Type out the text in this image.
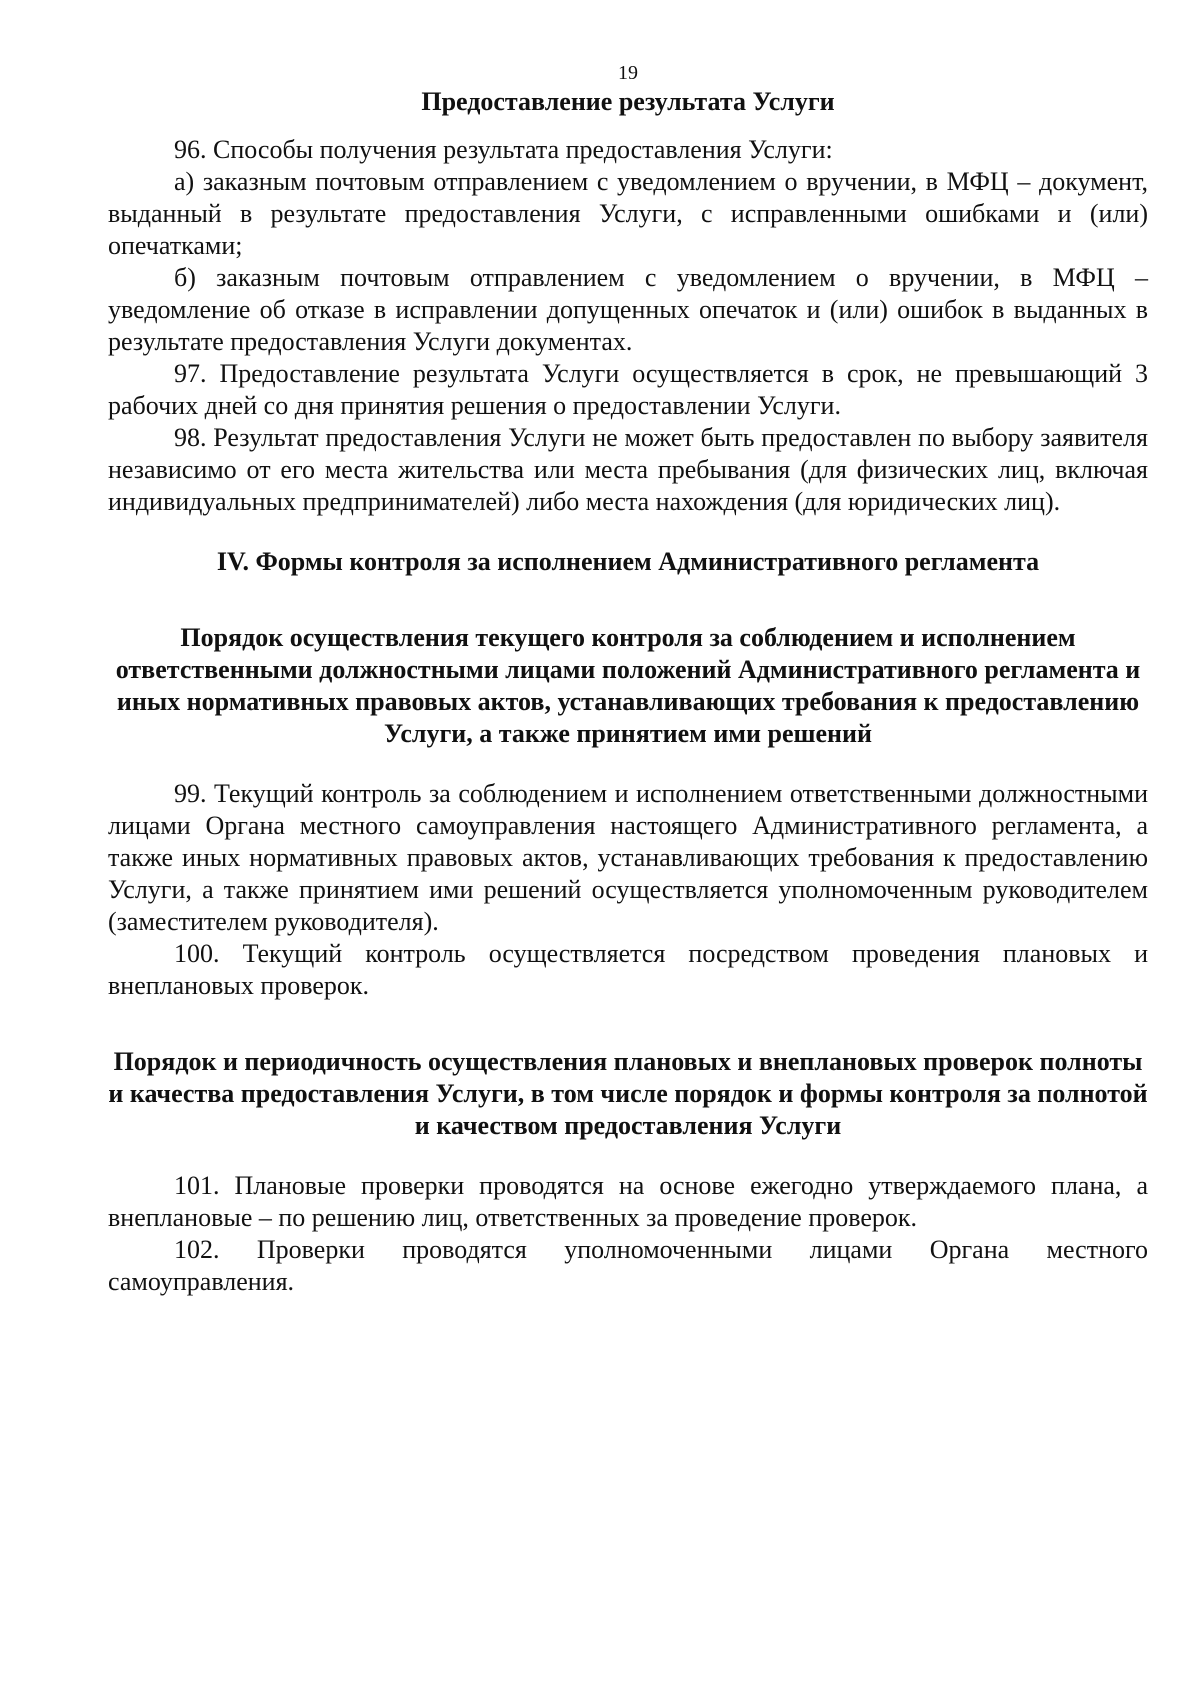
19

Предоставление результата Услуги

96. Способы получения результата предоставления Услуги:

а) заказным почтовым отправлением с уведомлением о вручении, в МФЦ – документ, выданный в результате предоставления Услуги, с исправленными ошибками и (или) опечатками;

б) заказным почтовым отправлением с уведомлением о вручении, в МФЦ – уведомление об отказе в исправлении допущенных опечаток и (или) ошибок в выданных в результате предоставления Услуги документах.

97. Предоставление результата Услуги осуществляется в срок, не превышающий 3 рабочих дней со дня принятия решения о предоставлении Услуги.

98. Результат предоставления Услуги не может быть предоставлен по выбору заявителя независимо от его места жительства или места пребывания (для физических лиц, включая индивидуальных предпринимателей) либо места нахождения (для юридических лиц).

IV. Формы контроля за исполнением Административного регламента

Порядок осуществления текущего контроля за соблюдением и исполнением ответственными должностными лицами положений Административного регламента и иных нормативных правовых актов, устанавливающих требования к предоставлению Услуги, а также принятием ими решений

99. Текущий контроль за соблюдением и исполнением ответственными должностными лицами Органа местного самоуправления настоящего Административного регламента, а также иных нормативных правовых актов, устанавливающих требования к предоставлению Услуги, а также принятием ими решений осуществляется уполномоченным руководителем (заместителем руководителя).

100. Текущий контроль осуществляется посредством проведения плановых и внеплановых проверок.

Порядок и периодичность осуществления плановых и внеплановых проверок полноты и качества предоставления Услуги, в том числе порядок и формы контроля за полнотой и качеством предоставления Услуги

101. Плановые проверки проводятся на основе ежегодно утверждаемого плана, а внеплановые – по решению лиц, ответственных за проведение проверок.

102. Проверки проводятся уполномоченными лицами Органа местного самоуправления.
